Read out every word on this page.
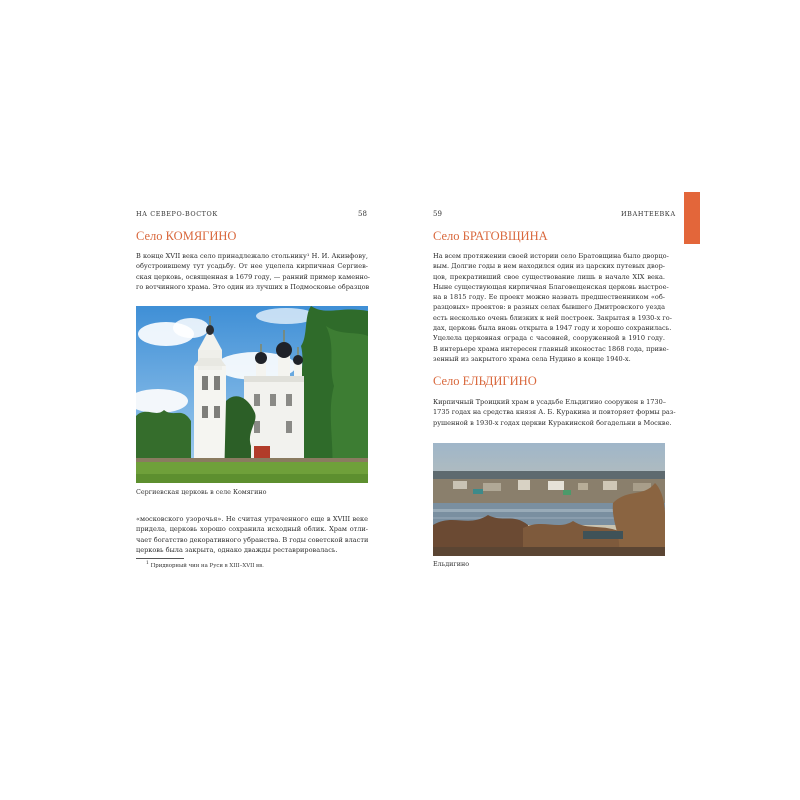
НА СЕВЕРО-ВОСТОК	58
Село КОМЯГИНО
В конце XVII века село принадлежало стольнику¹ Н. И. Акинфову,
обустроившему тут усадьбу. От нее уцелела кирпичная Сергиев-
ская церковь, освященная в 1679 году, — ранний пример каменно-
го вотчинного храма. Это один из лучших в Подмосковье образцов

Сергиевская церковь в селе Комягино

«московского узорочья». Не считая утраченного еще в XVIII веке
придела, церковь хорошо сохранила исходный облик. Храм отли-
чает богатство декоративного убранства. В годы советской власти
церковь была закрыта, однако дважды реставрировалась.
$^1$ Придворный чин на Руси в XIII–XVII вв.
59	ИВАНТЕЕВКА
Село БРАТОВЩИНА
На всем протяжении своей истории село Братовщина было дворцо-
вым. Долгие годы в нем находился один из царских путевых двор-
цов, прекративший свое существование лишь в начале XIX века.
Ныне существующая кирпичная Благовещенская церковь выстрое-
на в 1815 году. Ее проект можно назвать предшественником «об-
разцовых» проектов: в разных селах бывшего Дмитровского уезда
есть несколько очень близких к ней построек. Закрытая в 1930-х го-
дах, церковь была вновь открыта в 1947 году и хорошо сохранилась.
Уцелела церковная ограда с часовней, сооруженной в 1910 году.
В интерьере храма интересен главный иконостас 1868 года, приве-
зенный из закрытого храма села Нудино в конце 1940-х.
Село ЕЛЬДИГИНО
Кирпичный Троицкий храм в усадьбе Ельдигино сооружен в 1730–
1735 годах на средства князя А. Б. Куракина и повторяет формы раз-
рушенной в 1930-х годах церкви Куракинской богадельни в Москве.

Ельдигино
